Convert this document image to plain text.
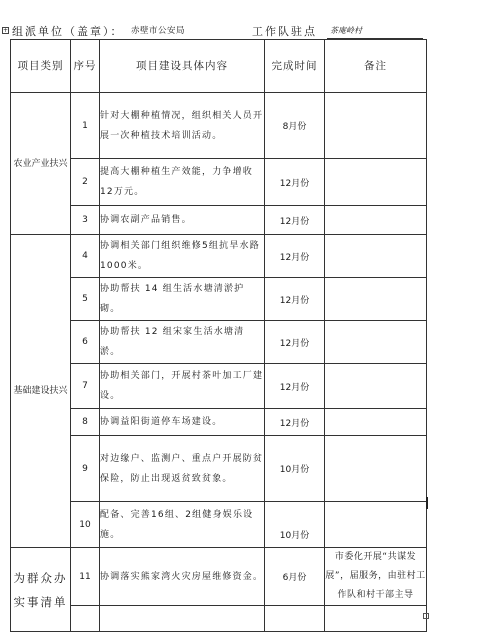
+ 组派单位（盖章）： 赤壁市公安局	工作队驻点 茶庵岭村
项目类别	序号	项目建设具体内容	完成时间	备注
农业产业扶兴	1	针对大棚种植情况，组织相关人员开展一次种植技术培训活动。	8月份	
	2	提高大棚种植生产效能，力争增收12万元。	12月份	
	3	协调农副产品销售。	12月份	
基础建设扶兴	4	协调相关部门组织维修5组抗旱水路1000米。	12月份	
	5	协助帮扶 14 组生活水塘清淤护砌。	12月份	
	6	协助帮扶 12 组宋家生活水塘清淤。	12月份	
	7	协助相关部门，开展村茶叶加工厂建设。	12月份	
	8	协调益阳街道停车场建设。	12月份	
	9	对边缘户、监测户、重点户开展防贫保险，防止出现返贫致贫象。	10月份	
	10	配备、完善16组、2组健身娱乐设施。	10月份	
为群众办实事清单	11	协调落实熊家湾火灾房屋维修资金。	6月份	市委化开展“共谋发展”，届服务，由驻村工作队和村干部主导
